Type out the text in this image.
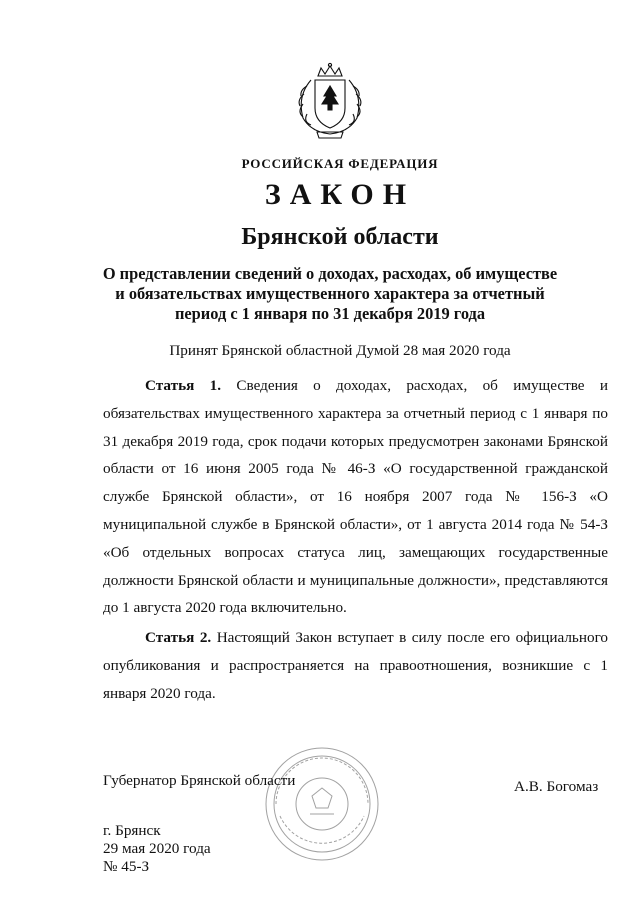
РОССИЙСКАЯ ФЕДЕРАЦИЯ
ЗАКОН
Брянской области
О представлении сведений о доходах, расходах, об имуществе и обязательствах имущественного характера за отчетный период с 1 января по 31 декабря 2019 года
Принят Брянской областной Думой 28 мая 2020 года
Статья 1. Сведения о доходах, расходах, об имуществе и обязательствах имущественного характера за отчетный период с 1 января по 31 декабря 2019 года, срок подачи которых предусмотрен законами Брянской области от 16 июня 2005 года № 46-З «О государственной гражданской службе Брянской области», от 16 ноября 2007 года № 156-З «О муниципальной службе в Брянской области», от 1 августа 2014 года № 54-З «Об отдельных вопросах статуса лиц, замещающих государственные должности Брянской области и муниципальные должности», представляются до 1 августа 2020 года включительно.
Статья 2. Настоящий Закон вступает в силу после его официального опубликования и распространяется на правоотношения, возникшие с 1 января 2020 года.
Губернатор Брянской области	А.В. Богомаз
г. Брянск
29 мая 2020 года
№ 45-З
